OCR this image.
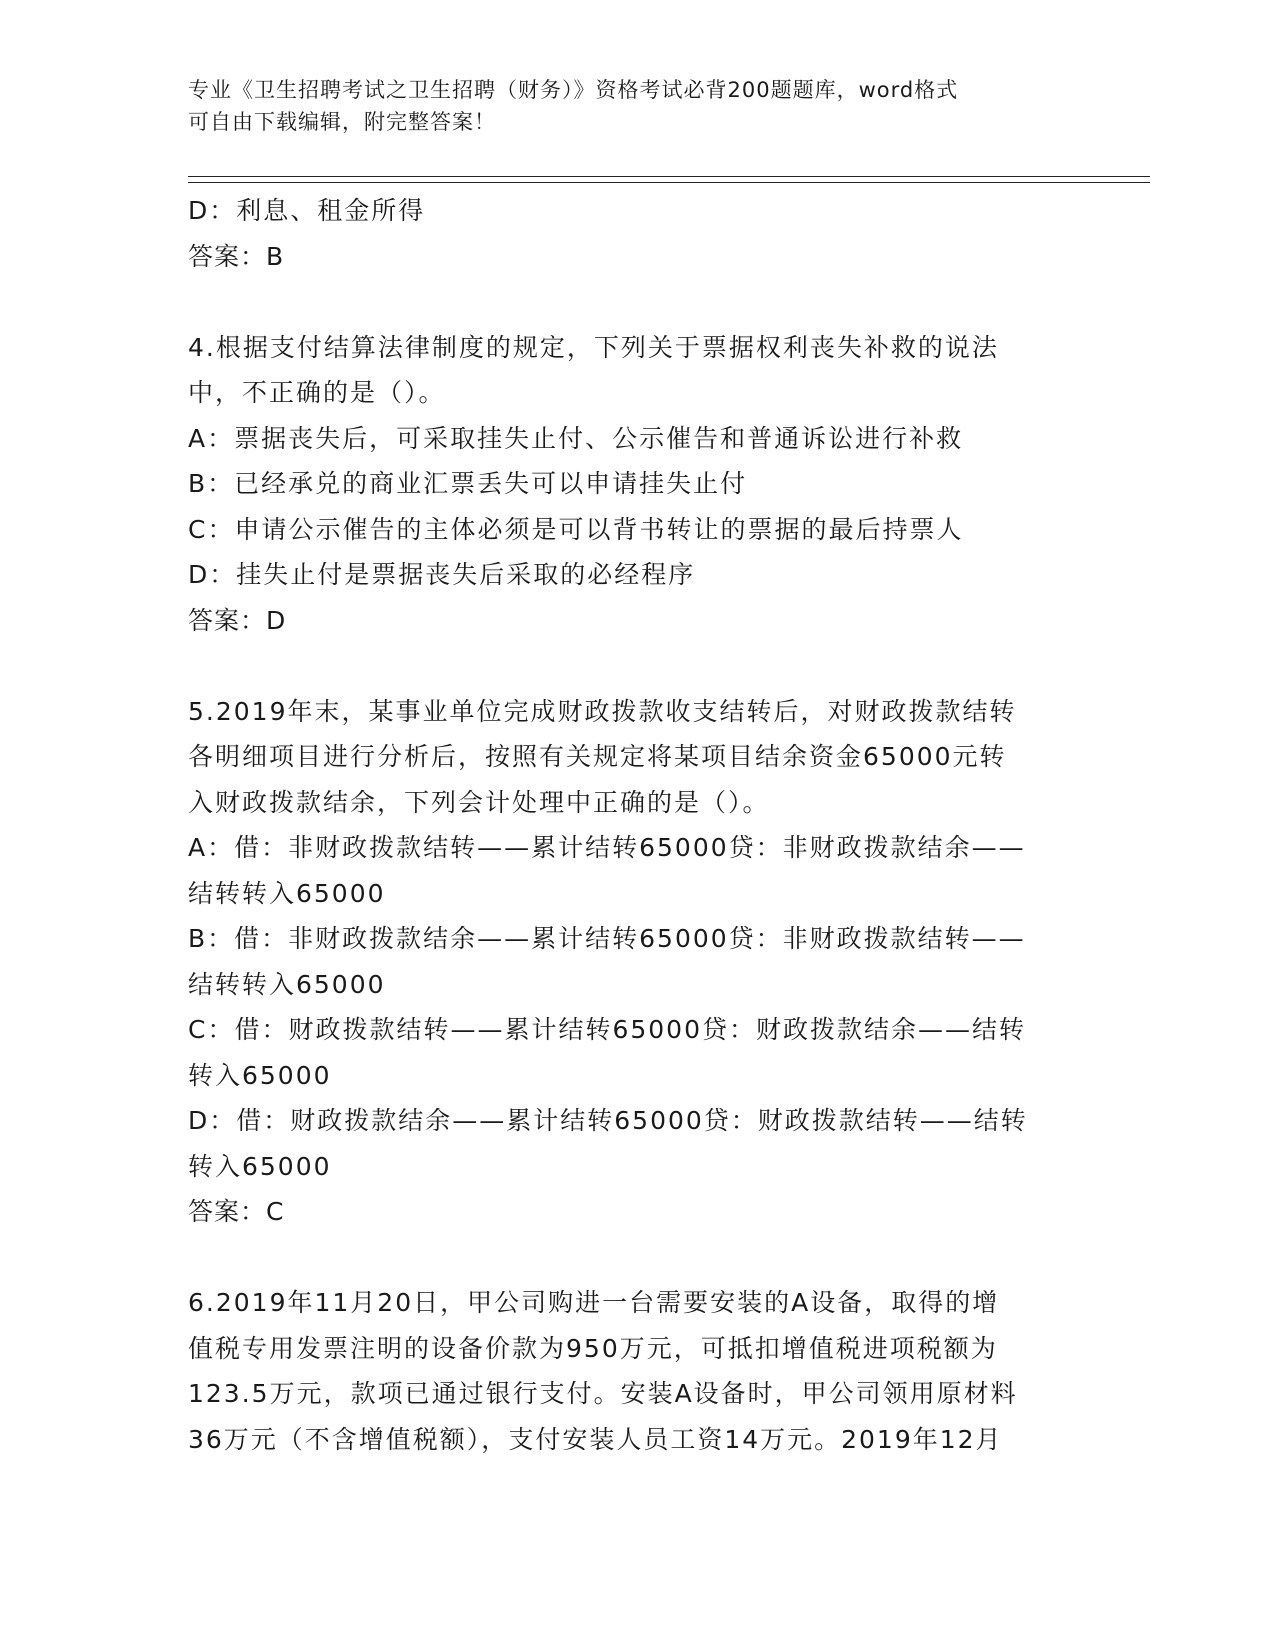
专业《卫生招聘考试之卫生招聘（财务）》资格考试必背200题题库，word格式
可自由下载编辑，附完整答案！
D：利息、租金所得
答案：B
4.根据支付结算法律制度的规定，下列关于票据权利丧失补救的说法
中，不正确的是（）。
A：票据丧失后，可采取挂失止付、公示催告和普通诉讼进行补救
B：已经承兑的商业汇票丢失可以申请挂失止付
C：申请公示催告的主体必须是可以背书转让的票据的最后持票人
D：挂失止付是票据丧失后采取的必经程序
答案：D
5.2019年末，某事业单位完成财政拨款收支结转后，对财政拨款结转
各明细项目进行分析后，按照有关规定将某项目结余资金65000元转
入财政拨款结余，下列会计处理中正确的是（）。
A：借：非财政拨款结转——累计结转65000贷：非财政拨款结余——
结转转入65000
B：借：非财政拨款结余——累计结转65000贷：非财政拨款结转——
结转转入65000
C：借：财政拨款结转——累计结转65000贷：财政拨款结余——结转
转入65000
D：借：财政拨款结余——累计结转65000贷：财政拨款结转——结转
转入65000
答案：C
6.2019年11月20日，甲公司购进一台需要安装的A设备，取得的增
值税专用发票注明的设备价款为950万元，可抵扣增值税进项税额为
123.5万元，款项已通过银行支付。安装A设备时，甲公司领用原材料
36万元（不含增值税额），支付安装人员工资14万元。2019年12月
